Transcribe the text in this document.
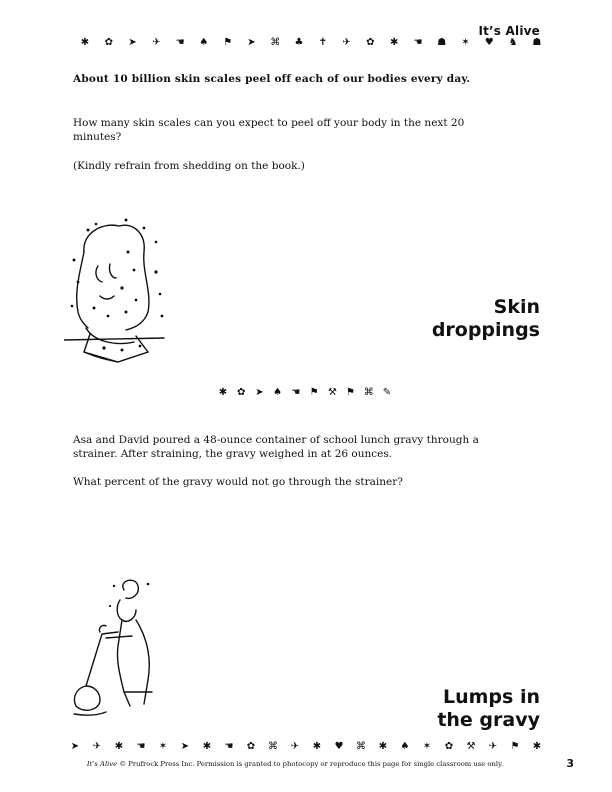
It’s Alive
✱ ✿ ➤ ✈ ☚ ♠ ⚑ ➤ ⌘ ♣ ✝ ✈ ✿ ✱ ☚ ☗ ✶ ♥ ♞ ☗
About 10 billion skin scales peel off each of our bodies every day.
How many skin scales can you expect to peel off your body in the next 20 minutes?
(Kindly refrain from shedding on the book.)
Skin
droppings
✱ ✿ ➤ ♠ ☚ ⚑ ⚒ ⚑ ⌘ ✎
Asa and David poured a 48-ounce container of school lunch gravy through a strainer. After straining, the gravy weighed in at 26 ounces.
What percent of the gravy would not go through the strainer?
Lumps in
the gravy
➤ ✈ ✱ ☚ ✶ ➤ ✱ ☚ ✿ ⌘ ✈ ✱ ♥ ⌘ ✱ ♠ ✶ ✿ ⚒ ✈ ⚑ ✱
It’s Alive © Prufrock Press Inc. Permission is granted to photocopy or reproduce this page for single classroom use only.	3
